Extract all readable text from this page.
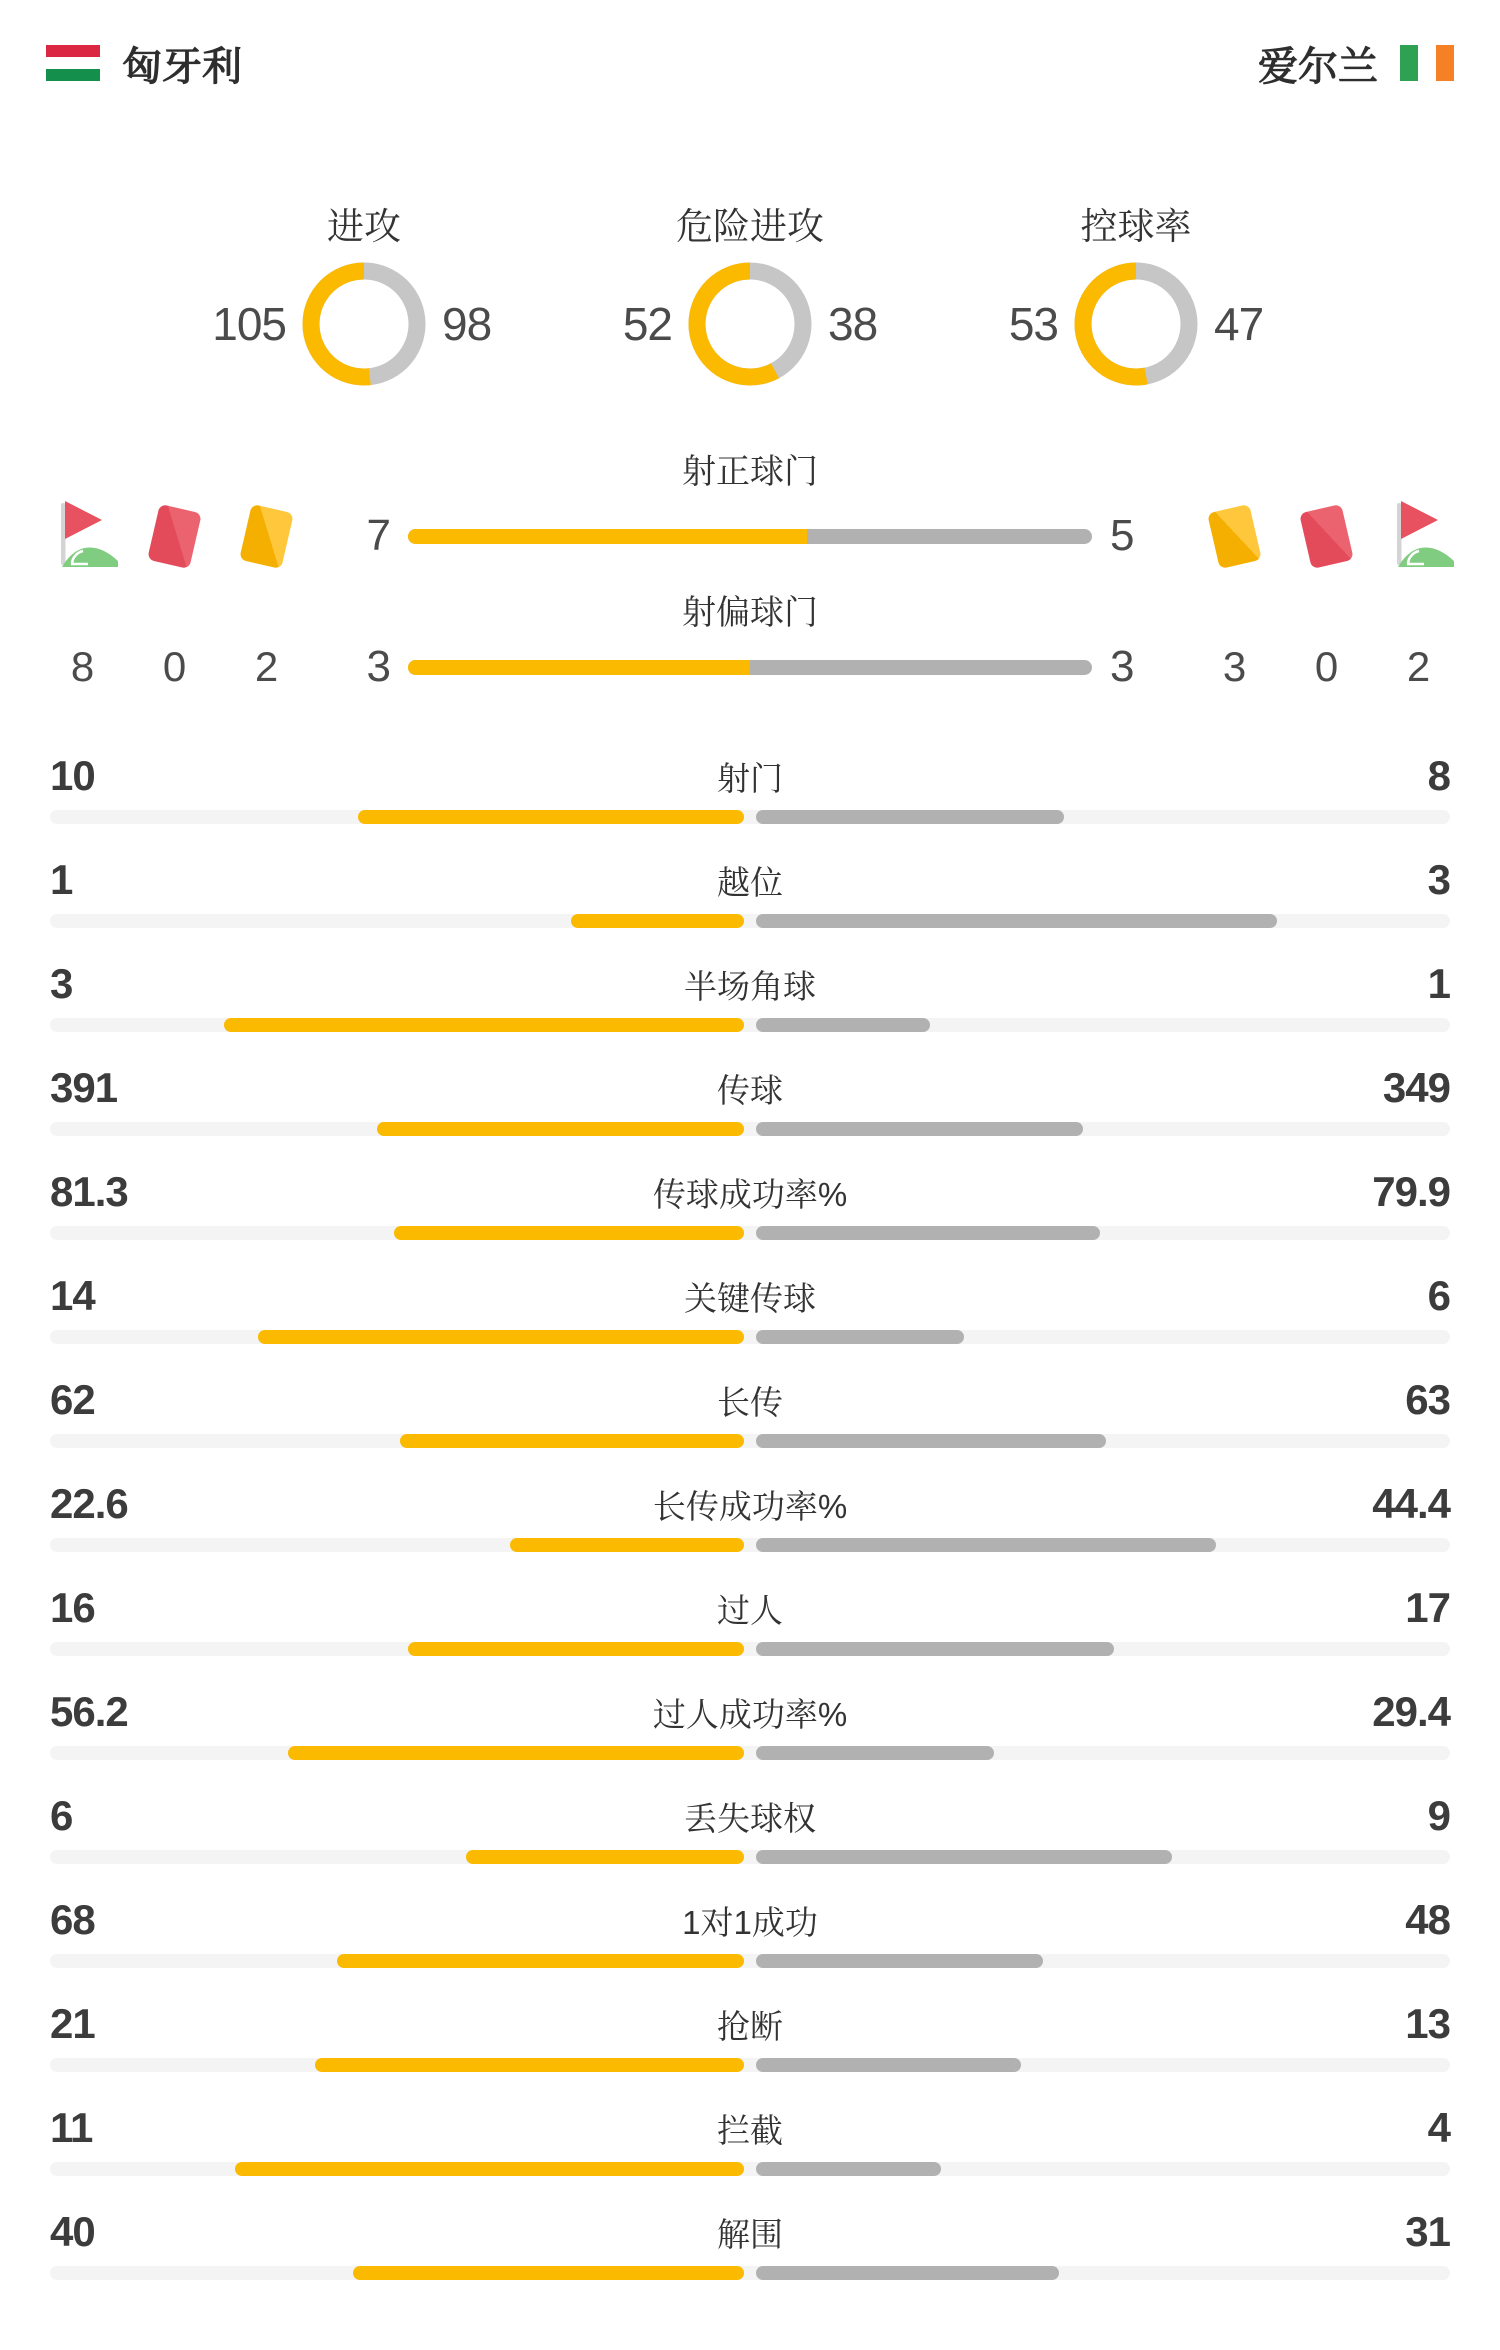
匈牙利	爱尔兰
进攻
105	98
危险进攻
52	38
控球率
53	47
射正球门
7	5
射偏球门
8 0 2	3	3	3 0 2
10	射门	8
1	越位	3
3	半场角球	1
391	传球	349
81.3	传球成功率%	79.9
14	关键传球	6
62	长传	63
22.6	长传成功率%	44.4
16	过人	17
56.2	过人成功率%	29.4
6	丢失球权	9
68	1对1成功	48
21	抢断	13
11	拦截	4
40	解围	31
